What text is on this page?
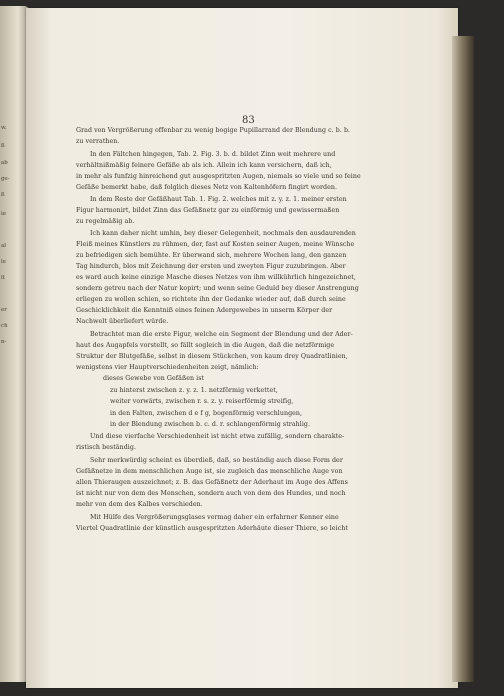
83
Grad von Vergrößerung offenbar zu wenig bogige Pupillarrand der Blendung c. b. b.
zu verrathen.
In den Fältchen hingegen, Tab. 2. Fig. 3. b. d. bildet Zinn weit mehrere und
verhältnißmäßig feinere Gefäße ab als ich. Allein ich kann versichern, daß ich,
in mehr als funfzig hinreichend gut ausgespritzten Augen, niemals so viele und so feine
Gefäße bemerkt habe, daß folglich dieses Netz von Kaltenhöfern fingirt worden.
In dem Reste der Gefäßhaut Tab. 1. Fig. 2. welches mit z. y. z. 1. meiner ersten
Figur harmonirt, bildet Zinn das Gefäßnetz gar zu einförmig und gewissermaßen
zu regelmäßig ab.
Ich kann daher nicht umhin, bey dieser Gelegenheit, nochmals den ausdaurenden
Fleiß meines Künstlers zu rühmen, der, fast auf Kosten seiner Augen, meine Wünsche
zu befriedigen sich bemühte. Er überwand sich, mehrere Wochen lang, den ganzen
Tag hindurch, blos mit Zeichnung der ersten und zweyten Figur zuzubringen. Aber
es ward auch keine einzige Masche dieses Netzes von ihm willkührlich hingezeichnet,
sondern getreu nach der Natur kopirt; und wenn seine Geduld bey dieser Anstrengung
erliegen zu wollen schien, so richtete ihn der Gedanke wieder auf, daß durch seine
Geschicklichkeit die Kenntniß eines feinen Adergewebes in unserm Körper der
Nachwelt überliefert würde.
Betrachtet man die erste Figur, welche ein Segment der Blendung und der Ader-
haut des Augapfels vorstellt, so fällt sogleich in die Augen, daß die netzförmige
Struktur der Blutgefäße, selbst in diesem Stückchen, von kaum drey Quadratlinien,
wenigstens vier Hauptverschiedenheiten zeigt, nämlich:
dieses Gewebe von Gefäßen ist
zu hinterst zwischen z. y. z. 1. netzförmig verkettet,
weiter vorwärts, zwischen r. s. z. y. reiserförmig streifig,
in den Falten, zwischen d e f g, bogenförmig verschlungen,
in der Blendung zwischen b. c. d. r. schlangenförmig strahlig.
Und diese vierfache Verschiedenheit ist nicht etwa zufällig, sondern charakte-
ristisch beständig.
Sehr merkwürdig scheint es überdieß, daß, so beständig auch diese Form der
Gefäßnetze in dem menschlichen Auge ist, sie zugleich das menschliche Auge von
allen Thieraugen auszeichnet; z. B. das Gefäßnetz der Aderhaut im Auge des Affens
ist nicht nur von dem des Menschen, sondern auch von dem des Hundes, und noch
mehr von dem des Kalbes verschieden.
Mit Hülfe des Vergrößerungsglases vermag daher ein erfahrner Kenner eine
Viertel Quadratlinie der künstlich ausgespritzten Aderhäute dieser Thiere, so leicht
w.
ß
ab
ge-
ß
ie
al
le
lt
er
ch
n-
